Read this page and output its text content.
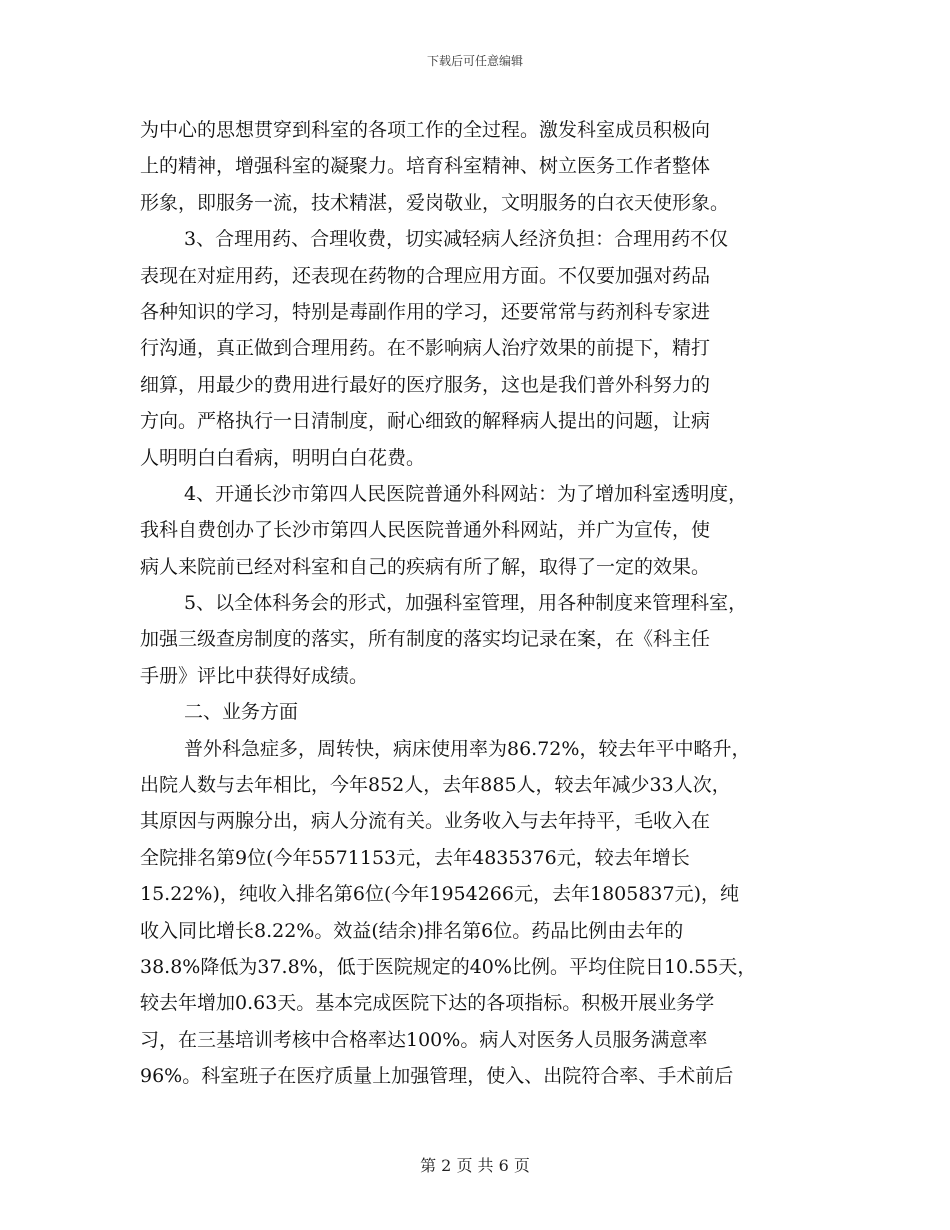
下载后可任意编辑
为中心的思想贯穿到科室的各项工作的全过程。激发科室成员积极向
上的精神，增强科室的凝聚力。培育科室精神、树立医务工作者整体
形象，即服务一流，技术精湛，爱岗敬业，文明服务的白衣天使形象。
3、合理用药、合理收费，切实减轻病人经济负担：合理用药不仅
表现在对症用药，还表现在药物的合理应用方面。不仅要加强对药品
各种知识的学习，特别是毒副作用的学习，还要常常与药剂科专家进
行沟通，真正做到合理用药。在不影响病人治疗效果的前提下，精打
细算，用最少的费用进行最好的医疗服务，这也是我们普外科努力的
方向。严格执行一日清制度，耐心细致的解释病人提出的问题，让病
人明明白白看病，明明白白花费。
4、开通长沙市第四人民医院普通外科网站：为了增加科室透明度，
我科自费创办了长沙市第四人民医院普通外科网站，并广为宣传，使
病人来院前已经对科室和自己的疾病有所了解，取得了一定的效果。
5、以全体科务会的形式，加强科室管理，用各种制度来管理科室，
加强三级查房制度的落实，所有制度的落实均记录在案，在《科主任
手册》评比中获得好成绩。
二、业务方面
普外科急症多，周转快，病床使用率为86.72%，较去年平中略升，
出院人数与去年相比，今年852人，去年885人，较去年减少33人次，
其原因与两腺分出，病人分流有关。业务收入与去年持平，毛收入在
全院排名第9位(今年5571153元，去年4835376元，较去年增长
15.22%)，纯收入排名第6位(今年1954266元，去年1805837元)，纯
收入同比增长8.22%。效益(结余)排名第6位。药品比例由去年的
38.8%降低为37.8%，低于医院规定的40%比例。平均住院日10.55天，
较去年增加0.63天。基本完成医院下达的各项指标。积极开展业务学
习，在三基培训考核中合格率达100%。病人对医务人员服务满意率
96%。科室班子在医疗质量上加强管理，使入、出院符合率、手术前后
第 2 页 共 6 页
